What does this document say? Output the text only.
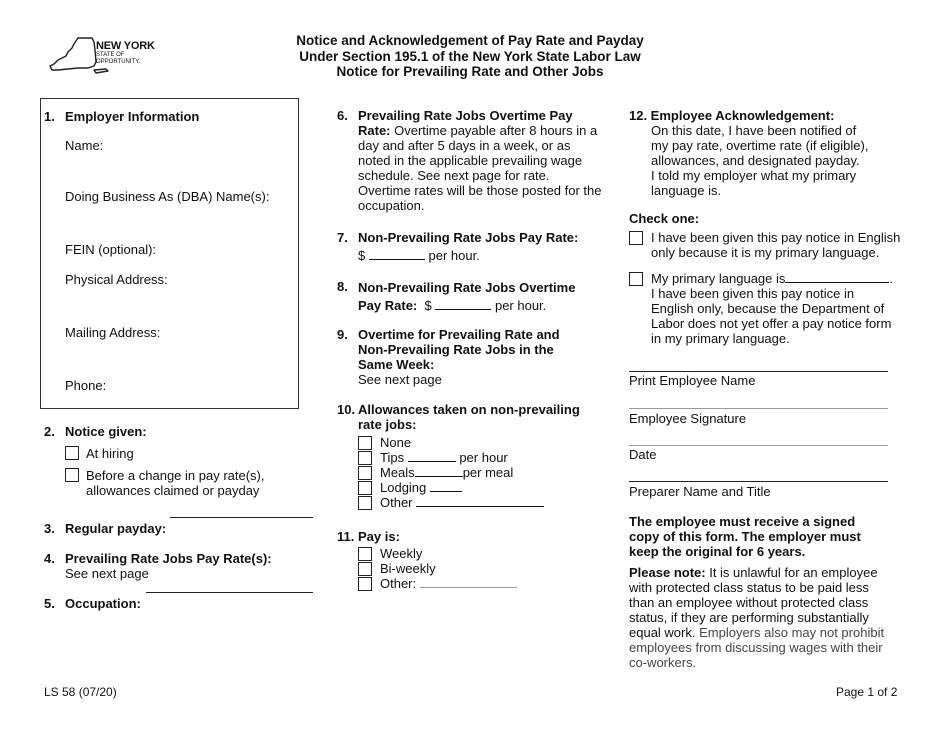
NEW YORK
STATE OF
OPPORTUNITY.
Notice and Acknowledgement of Pay Rate and Payday
Under Section 195.1 of the New York State Labor Law
Notice for Prevailing Rate and Other Jobs
1. Employer Information
Name:
Doing Business As (DBA) Name(s):
FEIN (optional):
Physical Address:
Mailing Address:
Phone:
2. Notice given:
At hiring
Before a change in pay rate(s),
allowances claimed or payday
3. Regular payday:
4. Prevailing Rate Jobs Pay Rate(s):
See next page
5. Occupation:
6. Prevailing Rate Jobs Overtime Pay
Rate: Overtime payable after 8 hours in a
day and after 5 days in a week, or as
noted in the applicable prevailing wage
schedule. See next page for rate.
Overtime rates will be those posted for the
occupation.
7. Non-Prevailing Rate Jobs Pay Rate:
$	per hour.
8. Non-Prevailing Rate Jobs Overtime
Pay Rate: $	per hour.
9. Overtime for Prevailing Rate and
Non-Prevailing Rate Jobs in the
Same Week:
See next page
10. Allowances taken on non-prevailing
rate jobs:
None
Tips	per hour
Meals	per meal
Lodging
Other
11. Pay is:
Weekly
Bi-weekly
Other:
12. Employee Acknowledgement:
On this date, I have been notified of
my pay rate, overtime rate (if eligible),
allowances, and designated payday.
I told my employer what my primary
language is.
Check one:
I have been given this pay notice in English
only because it is my primary language.
My primary language is	.
I have been given this pay notice in
English only, because the Department of
Labor does not yet offer a pay notice form
in my primary language.
Print Employee Name
Employee Signature
Date
Preparer Name and Title
The employee must receive a signed
copy of this form. The employer must
keep the original for 6 years.
Please note: It is unlawful for an employee
with protected class status to be paid less
than an employee without protected class
status, if they are performing substantially
equal work. Employers also may not prohibit
employees from discussing wages with their
co-workers.
LS 58 (07/20)	Page 1 of 2
